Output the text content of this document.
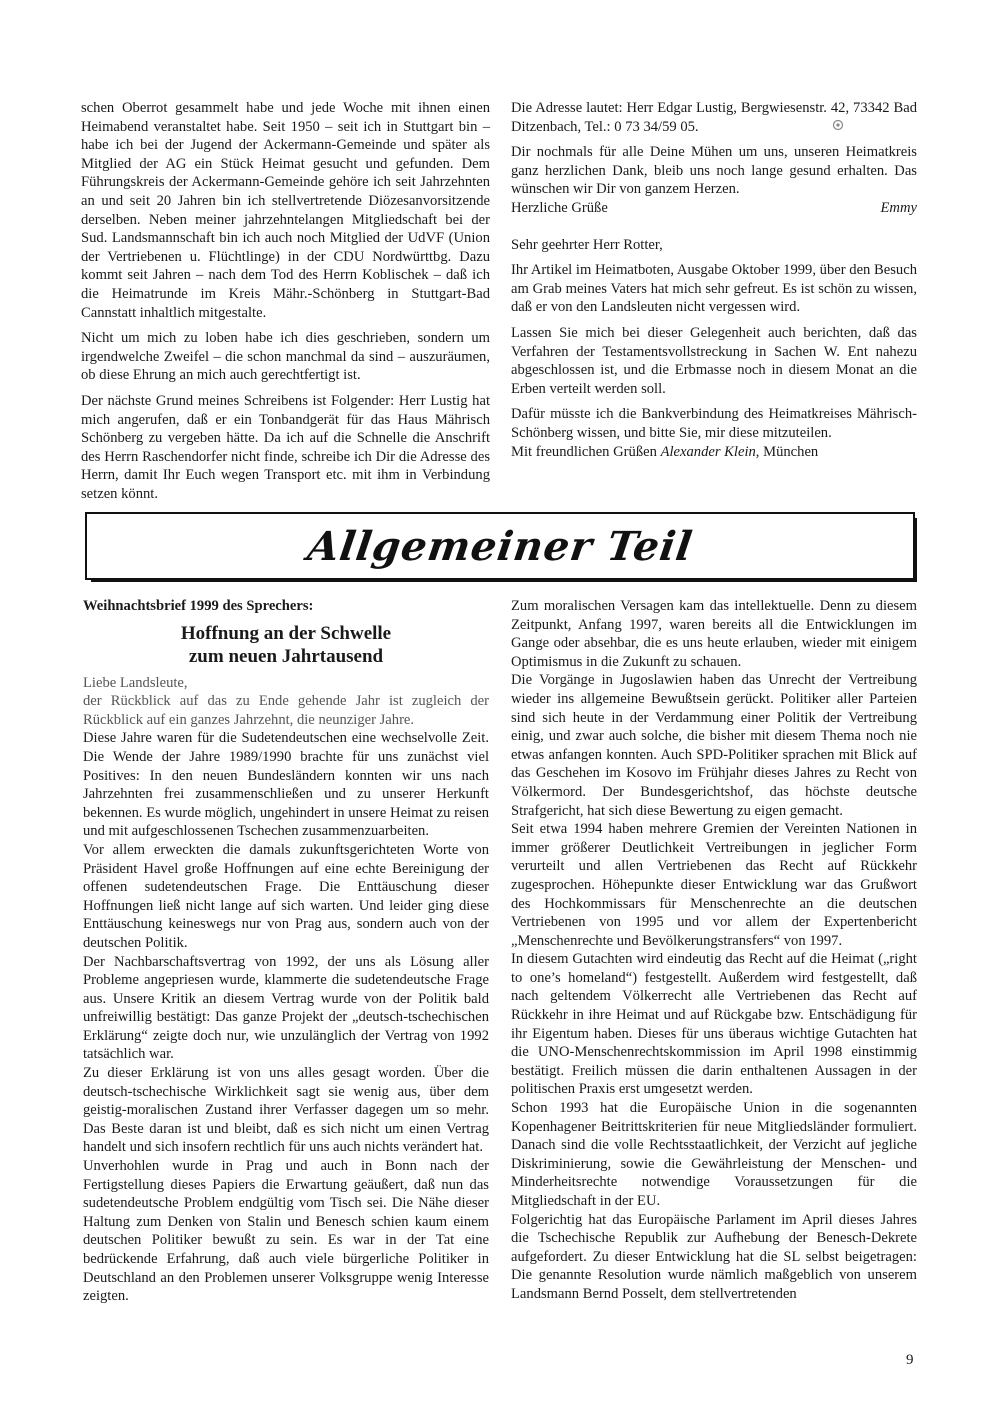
schen Oberrot gesammelt habe und jede Woche mit ihnen einen Heimabend veranstaltet habe. Seit 1950 – seit ich in Stuttgart bin – habe ich bei der Jugend der Ackermann-Gemeinde und später als Mitglied der AG ein Stück Heimat gesucht und gefunden. Dem Führungskreis der Ackermann-Gemeinde gehöre ich seit Jahrzehnten an und seit 20 Jahren bin ich stellvertretende Diözesanvorsitzende derselben. Neben meiner jahrzehntelangen Mitgliedschaft bei der Sud. Landsmannschaft bin ich auch noch Mitglied der UdVF (Union der Vertriebenen u. Flüchtlinge) in der CDU Nordwürttbg. Dazu kommt seit Jahren – nach dem Tod des Herrn Koblischek – daß ich die Heimatrunde im Kreis Mähr.-Schönberg in Stuttgart-Bad Cannstatt inhaltlich mitgestalte.

Nicht um mich zu loben habe ich dies geschrieben, sondern um irgendwelche Zweifel – die schon manchmal da sind – auszuräumen, ob diese Ehrung an mich auch gerechtfertigt ist.

Der nächste Grund meines Schreibens ist Folgender: Herr Lustig hat mich angerufen, daß er ein Tonbandgerät für das Haus Mährisch Schönberg zu vergeben hätte. Da ich auf die Schnelle die Anschrift des Herrn Raschendorfer nicht finde, schreibe ich Dir die Adresse des Herrn, damit Ihr Euch wegen Transport etc. mit ihm in Verbindung setzen könnt.

Die Adresse lautet: Herr Edgar Lustig, Bergwiesenstr. 42, 73342 Bad Ditzenbach, Tel.: 0 73 34/59 05.

Dir nochmals für alle Deine Mühen um uns, unseren Heimatkreis ganz herzlichen Dank, bleib uns noch lange gesund erhalten. Das wünschen wir Dir von ganzem Herzen.

Herzliche Grüße	Emmy

Sehr geehrter Herr Rotter,

Ihr Artikel im Heimatboten, Ausgabe Oktober 1999, über den Besuch am Grab meines Vaters hat mich sehr gefreut. Es ist schön zu wissen, daß er von den Landsleuten nicht vergessen wird.

Lassen Sie mich bei dieser Gelegenheit auch berichten, daß das Verfahren der Testamentsvollstreckung in Sachen W. Ent nahezu abgeschlossen ist, und die Erbmasse noch in diesem Monat an die Erben verteilt werden soll.

Dafür müsste ich die Bankverbindung des Heimatkreises Mährisch-Schönberg wissen, und bitte Sie, mir diese mitzuteilen.

Mit freundlichen Grüßen Alexander Klein, München

Allgemeiner Teil
Weihnachtsbrief 1999 des Sprechers:
Hoffnung an der Schwelle
zum neuen Jahrtausend

Liebe Landsleute,

der Rückblick auf das zu Ende gehende Jahr ist zugleich der Rückblick auf ein ganzes Jahrzehnt, die neunziger Jahre.

Diese Jahre waren für die Sudetendeutschen eine wechselvolle Zeit. Die Wende der Jahre 1989/1990 brachte für uns zunächst viel Positives: In den neuen Bundesländern konnten wir uns nach Jahrzehnten frei zusammenschließen und zu unserer Herkunft bekennen. Es wurde möglich, ungehindert in unsere Heimat zu reisen und mit aufgeschlossenen Tschechen zusammenzuarbeiten.

Vor allem erweckten die damals zukunftsgerichteten Worte von Präsident Havel große Hoffnungen auf eine echte Bereinigung der offenen sudetendeutschen Frage. Die Enttäuschung dieser Hoffnungen ließ nicht lange auf sich warten. Und leider ging diese Enttäuschung keineswegs nur von Prag aus, sondern auch von der deutschen Politik.

Der Nachbarschaftsvertrag von 1992, der uns als Lösung aller Probleme angepriesen wurde, klammerte die sudetendeutsche Frage aus. Unsere Kritik an diesem Vertrag wurde von der Politik bald unfreiwillig bestätigt: Das ganze Projekt der „deutsch-tschechischen Erklärung“ zeigte doch nur, wie unzulänglich der Vertrag von 1992 tatsächlich war.

Zu dieser Erklärung ist von uns alles gesagt worden. Über die deutsch-tschechische Wirklichkeit sagt sie wenig aus, über dem geistig-moralischen Zustand ihrer Verfasser dagegen um so mehr. Das Beste daran ist und bleibt, daß es sich nicht um einen Vertrag handelt und sich insofern rechtlich für uns auch nichts verändert hat.

Unverhohlen wurde in Prag und auch in Bonn nach der Fertigstellung dieses Papiers die Erwartung geäußert, daß nun das sudetendeutsche Problem endgültig vom Tisch sei. Die Nähe dieser Haltung zum Denken von Stalin und Benesch schien kaum einem deutschen Politiker bewußt zu sein. Es war in der Tat eine bedrückende Erfahrung, daß auch viele bürgerliche Politiker in Deutschland an den Problemen unserer Volksgruppe wenig Interesse zeigten.

Zum moralischen Versagen kam das intellektuelle. Denn zu diesem Zeitpunkt, Anfang 1997, waren bereits all die Entwicklungen im Gange oder absehbar, die es uns heute erlauben, wieder mit einigem Optimismus in die Zukunft zu schauen.

Die Vorgänge in Jugoslawien haben das Unrecht der Vertreibung wieder ins allgemeine Bewußtsein gerückt. Politiker aller Parteien sind sich heute in der Verdammung einer Politik der Vertreibung einig, und zwar auch solche, die bisher mit diesem Thema noch nie etwas anfangen konnten. Auch SPD-Politiker sprachen mit Blick auf das Geschehen im Kosovo im Frühjahr dieses Jahres zu Recht von Völkermord. Der Bundesgerichtshof, das höchste deutsche Strafgericht, hat sich diese Bewertung zu eigen gemacht.

Seit etwa 1994 haben mehrere Gremien der Vereinten Nationen in immer größerer Deutlichkeit Vertreibungen in jeglicher Form verurteilt und allen Vertriebenen das Recht auf Rückkehr zugesprochen. Höhepunkte dieser Entwicklung war das Grußwort des Hochkommissars für Menschenrechte an die deutschen Vertriebenen von 1995 und vor allem der Expertenbericht „Menschenrechte und Bevölkerungstransfers“ von 1997.

In diesem Gutachten wird eindeutig das Recht auf die Heimat („right to one’s homeland“) festgestellt. Außerdem wird festgestellt, daß nach geltendem Völkerrecht alle Vertriebenen das Recht auf Rückkehr in ihre Heimat und auf Rückgabe bzw. Entschädigung für ihr Eigentum haben. Dieses für uns überaus wichtige Gutachten hat die UNO-Menschenrechtskommission im April 1998 einstimmig bestätigt. Freilich müssen die darin enthaltenen Aussagen in der politischen Praxis erst umgesetzt werden.

Schon 1993 hat die Europäische Union in die sogenannten Kopenhagener Beitrittskriterien für neue Mitgliedsländer formuliert. Danach sind die volle Rechtsstaatlichkeit, der Verzicht auf jegliche Diskriminierung, sowie die Gewährleistung der Menschen- und Minderheitsrechte notwendige Voraussetzungen für die Mitgliedschaft in der EU.

Folgerichtig hat das Europäische Parlament im April dieses Jahres die Tschechische Republik zur Aufhebung der Benesch-Dekrete aufgefordert. Zu dieser Entwicklung hat die SL selbst beigetragen: Die genannte Resolution wurde nämlich maßgeblich von unserem Landsmann Bernd Posselt, dem stellvertretenden

9
